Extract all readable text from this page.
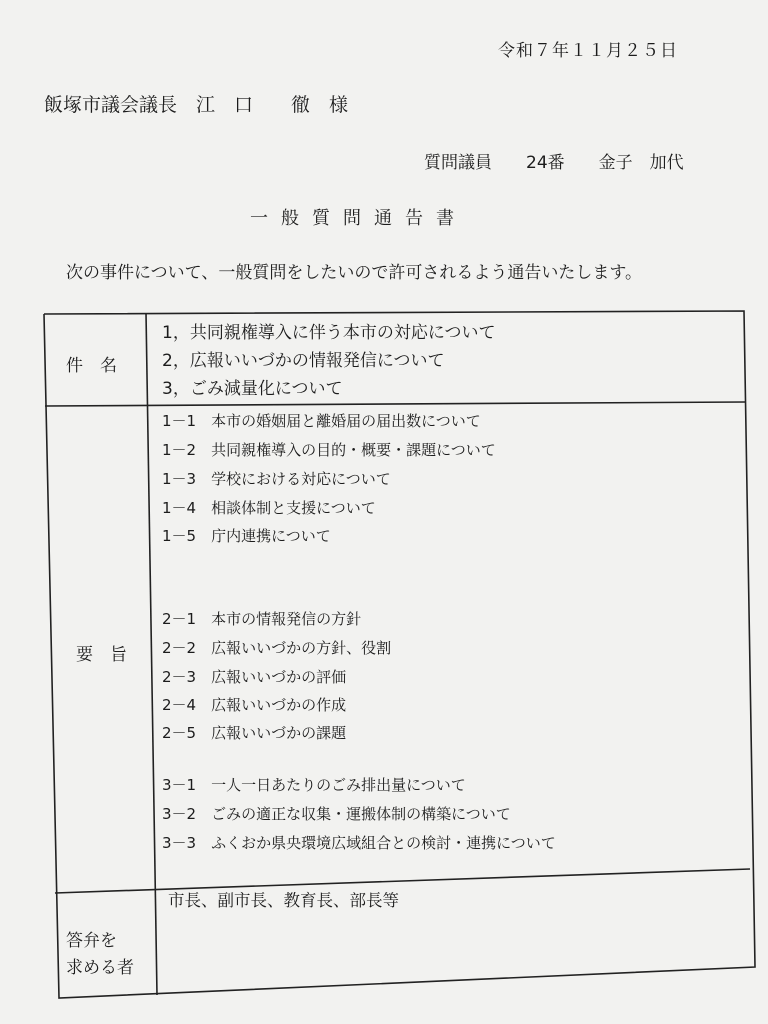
令和７年１１月２５日
飯塚市議会議長　江　口　　徹　様
質問議員　　24番　　金子　加代
一般質問通告書
次の事件について、一般質問をしたいので許可されるよう通告いたします。
件　名
1，共同親権導入に伴う本市の対応について
2，広報いいづかの情報発信について
3，ごみ減量化について
要　旨
1－1　本市の婚姻届と離婚届の届出数について
1－2　共同親権導入の目的・概要・課題について
1－3　学校における対応について
1－4　相談体制と支援について
1－5　庁内連携について
2－1　本市の情報発信の方針
2－2　広報いいづかの方針、役割
2－3　広報いいづかの評価
2－4　広報いいづかの作成
2－5　広報いいづかの課題
3－1　一人一日あたりのごみ排出量について
3－2　ごみの適正な収集・運搬体制の構築について
3－3　ふくおか県央環境広域組合との検討・連携について
答弁を
求める者
市長、副市長、教育長、部長等
